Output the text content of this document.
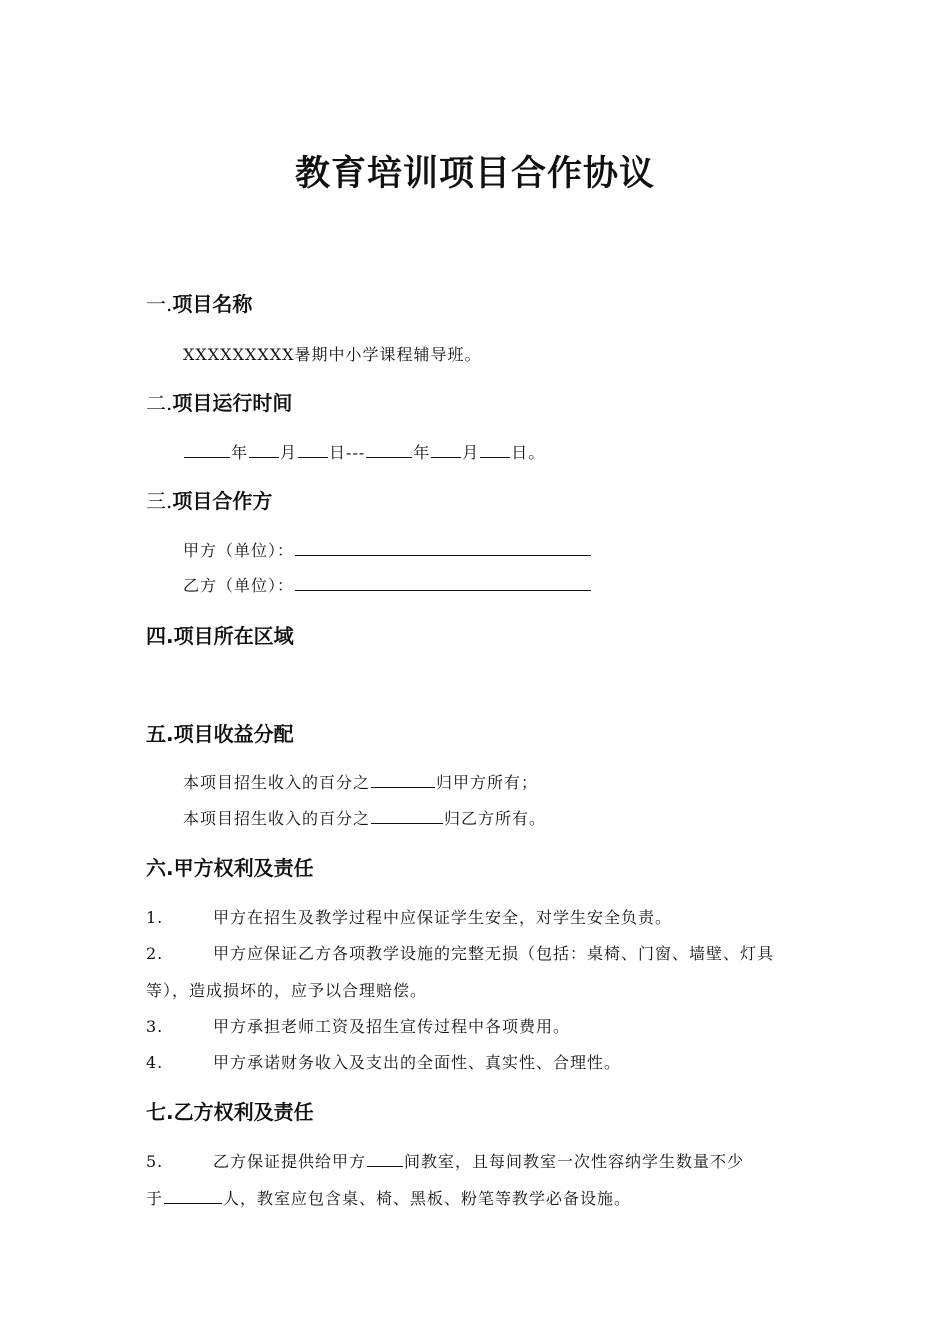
教育培训项目合作协议
一.项目名称
XXXXXXXXX暑期中小学课程辅导班。
二.项目运行时间
年 月 日---	年 月 日。
三.项目合作方
甲方（单位）：
乙方（单位）：
四.项目所在区域
五.项目收益分配
本项目招生收入的百分之	归甲方所有；
本项目招生收入的百分之	归乙方所有。
六.甲方权利及责任
1.	甲方在招生及教学过程中应保证学生安全，对学生安全负责。
2.	甲方应保证乙方各项教学设施的完整无损（包括：桌椅、门窗、墙壁、灯具
等），造成损坏的，应予以合理赔偿。
3.	甲方承担老师工资及招生宣传过程中各项费用。
4.	甲方承诺财务收入及支出的全面性、真实性、合理性。
七.乙方权利及责任
5.	乙方保证提供给甲方 间教室，且每间教室一次性容纳学生数量不少
于	人，教室应包含桌、椅、黑板、粉笔等教学必备设施。
